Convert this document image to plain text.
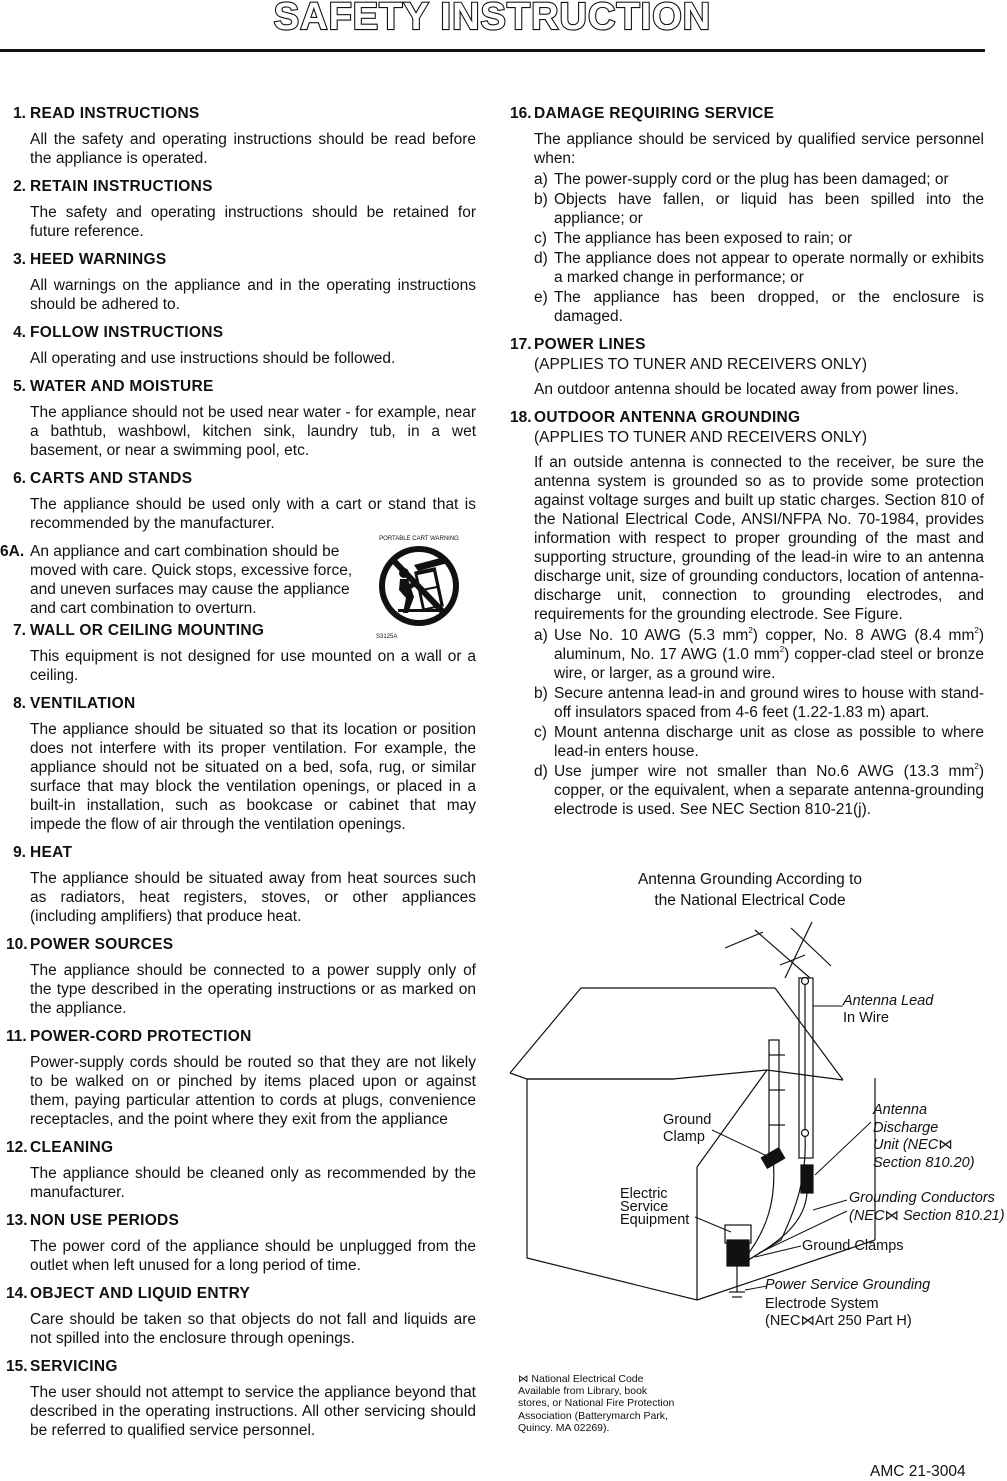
SAFETY INSTRUCTION
1. READ INSTRUCTIONS
All the safety and operating instructions should be read before the appliance is operated.
2. RETAIN INSTRUCTIONS
The safety and operating instructions should be retained for future reference.
3. HEED WARNINGS
All warnings on the appliance and in the operating instructions should be adhered to.
4. FOLLOW INSTRUCTIONS
All operating and use instructions should be followed.
5. WATER AND MOISTURE
The appliance should not be used near water - for example, near a bathtub, washbowl, kitchen sink, laundry tub, in a wet basement, or near a swimming pool, etc.
6. CARTS AND STANDS
The appliance should be used only with a cart or stand that is recommended by the manufacturer.
6A. An appliance and cart combination should be moved with care. Quick stops, excessive force, and uneven surfaces may cause the appliance and cart combination to overturn.
PORTABLE CART WARNING
S3125A
7. WALL OR CEILING MOUNTING
This equipment is not designed for use mounted on a wall or a ceiling.
8. VENTILATION
The appliance should be situated so that its location or position does not interfere with its proper ventilation. For example, the appliance should not be situated on a bed, sofa, rug, or similar surface that may block the ventilation openings, or placed in a built-in installation, such as bookcase or cabinet that may impede the flow of air through the ventilation openings.
9. HEAT
The appliance should be situated away from heat sources such as radiators, heat registers, stoves, or other appliances (including amplifiers) that produce heat.
10. POWER SOURCES
The appliance should be connected to a power supply only of the type described in the operating instructions or as marked on the appliance.
11. POWER-CORD PROTECTION
Power-supply cords should be routed so that they are not likely to be walked on or pinched by items placed upon or against them, paying particular attention to cords at plugs, convenience receptacles, and the point where they exit from the appliance
12. CLEANING
The appliance should be cleaned only as recommended by the manufacturer.
13. NON USE PERIODS
The power cord of the appliance should be unplugged from the outlet when left unused for a long period of time.
14. OBJECT AND LIQUID ENTRY
Care should be taken so that objects do not fall and liquids are not spilled into the enclosure through openings.
15. SERVICING
The user should not attempt to service the appliance beyond that described in the operating instructions. All other servicing should be referred to qualified service personnel.
16. DAMAGE REQUIRING SERVICE
The appliance should be serviced by qualified service personnel when:
a) The power-supply cord or the plug has been damaged; or
b) Objects have fallen, or liquid has been spilled into the appliance; or
c) The appliance has been exposed to rain; or
d) The appliance does not appear to operate normally or exhibits a marked change in performance; or
e) The appliance has been dropped, or the enclosure is damaged.
17. POWER LINES
(APPLIES TO TUNER AND RECEIVERS ONLY)
An outdoor antenna should be located away from power lines.
18. OUTDOOR ANTENNA GROUNDING
(APPLIES TO TUNER AND RECEIVERS ONLY)
If an outside antenna is connected to the receiver, be sure the antenna system is grounded so as to provide some protection against voltage surges and built up static charges. Section 810 of the National Electrical Code, ANSI/NFPA No. 70-1984, provides information with respect to proper grounding of the mast and supporting structure, grounding of the lead-in wire to an antenna discharge unit, size of grounding conductors, location of antenna-discharge unit, connection to grounding electrodes, and requirements for the grounding electrode. See Figure.
a) Use No. 10 AWG (5.3 $mm^2$) copper, No. 8 AWG (8.4 $mm^2$) aluminum, No. 17 AWG (1.0 $mm^2$) copper-clad steel or bronze wire, or larger, as a ground wire.
b) Secure antenna lead-in and ground wires to house with stand-off insulators spaced from 4-6 feet (1.22-1.83 m) apart.
c) Mount antenna discharge unit as close as possible to where lead-in enters house.
d) Use jumper wire not smaller than No.6 AWG (13.3 $mm^2$) copper, or the equivalent, when a separate antenna-grounding electrode is used. See NEC Section 810-21(j).
Antenna Grounding According to
the National Electrical Code
Antenna Lead
In Wire
Ground
Clamp
Antenna
Discharge
Unit (NEC⋈
Section 810.20)
Electric
Service
Equipment
Grounding Conductors
(NEC⋈ Section 810.21)
Ground Clamps
Power Service Grounding
Electrode System
(NEC⋈Art 250 Part H)
⋈ National Electrical Code
Available from Library, book
stores, or National Fire Protection
Association (Batterymarch Park,
Quincy. MA 02269).
AMC 21-3004
